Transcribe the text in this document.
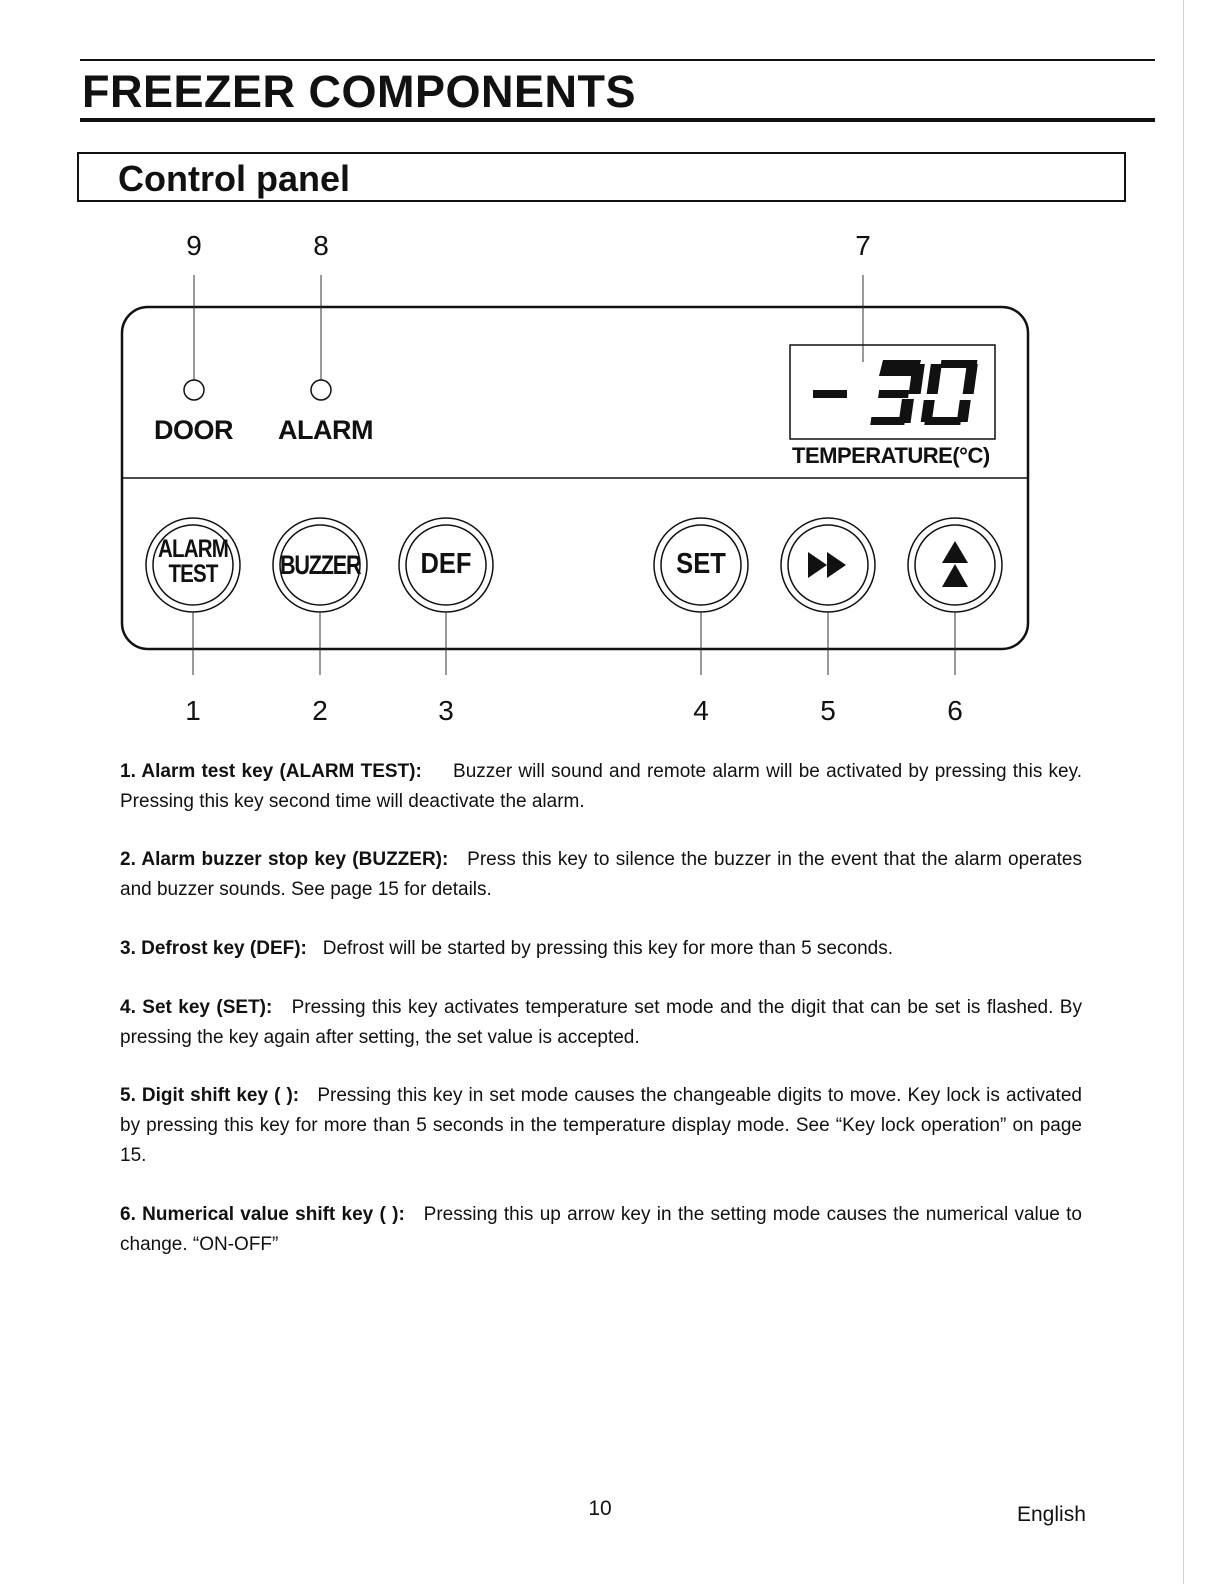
FREEZER COMPONENTS
Control panel
9	8	7
DOOR ALARM
TEMPERATURE(°C)
ALARM
TEST	BUZZER	DEF	SET
1	2	3	4	5	6
1. Alarm test key (ALARM TEST): Buzzer will sound and remote alarm will be activated by pressing this key. Pressing this key second time will deactivate the alarm.
2. Alarm buzzer stop key (BUZZER): Press this key to silence the buzzer in the event that the alarm operates and buzzer sounds. See page 15 for details.
3. Defrost key (DEF): Defrost will be started by pressing this key for more than 5 seconds.
4. Set key (SET): Pressing this key activates temperature set mode and the digit that can be set is flashed. By pressing the key again after setting, the set value is accepted.
5. Digit shift key ( ): Pressing this key in set mode causes the changeable digits to move. Key lock is activated by pressing this key for more than 5 seconds in the temperature display mode. See “Key lock operation” on page 15.
6. Numerical value shift key ( ): Pressing this up arrow key in the setting mode causes the numerical value to change. “ON-OFF”
10	English
